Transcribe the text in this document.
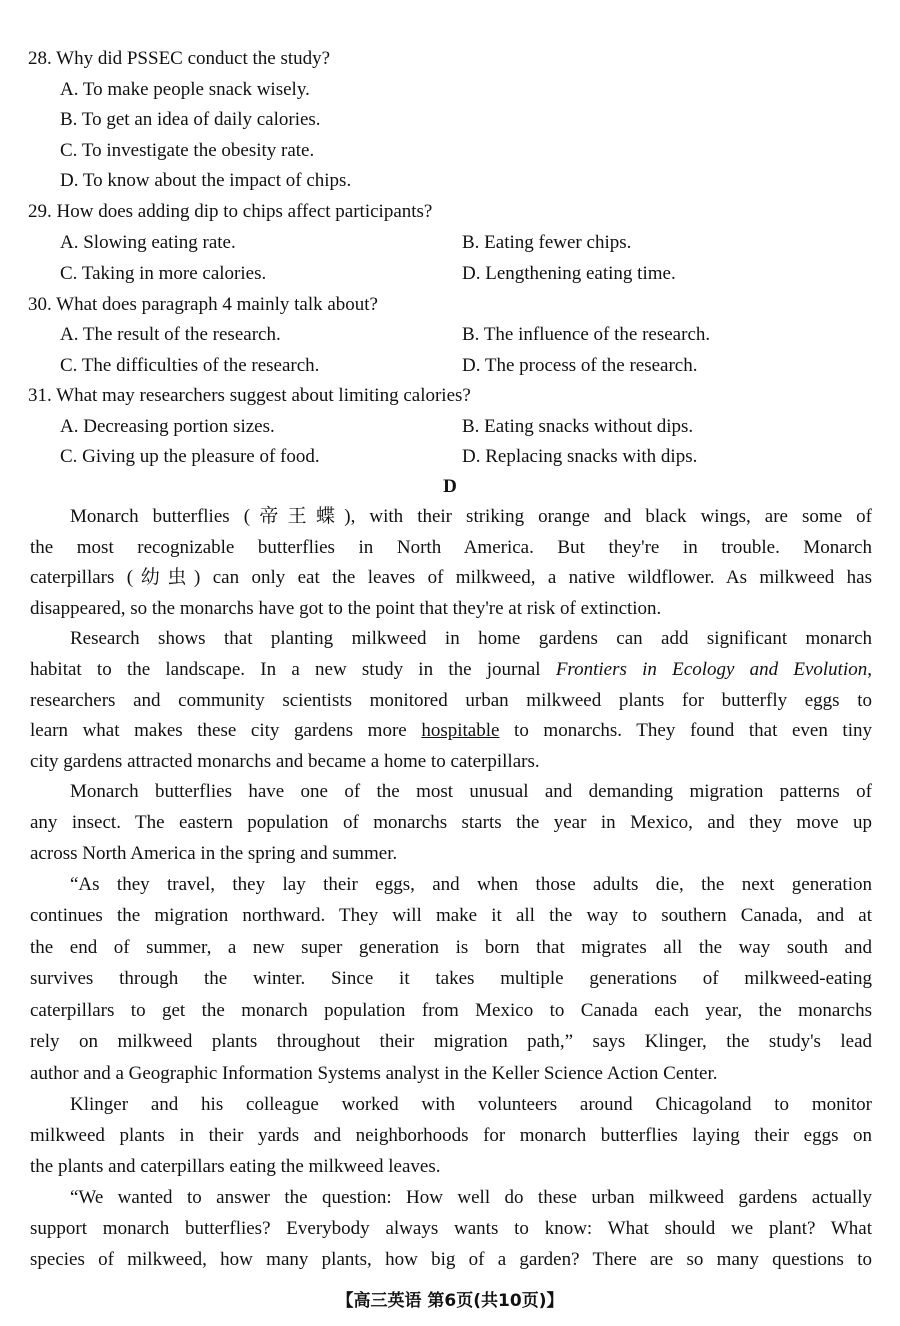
28. Why did PSSEC conduct the study?
A. To make people snack wisely.
B. To get an idea of daily calories.
C. To investigate the obesity rate.
D. To know about the impact of chips.
29. How does adding dip to chips affect participants?
A. Slowing eating rate.	B. Eating fewer chips.
C. Taking in more calories.	D. Lengthening eating time.
30. What does paragraph 4 mainly talk about?
A. The result of the research.	B. The influence of the research.
C. The difficulties of the research.	D. The process of the research.
31. What may researchers suggest about limiting calories?
A. Decreasing portion sizes.	B. Eating snacks without dips.
C. Giving up the pleasure of food.	D. Replacing snacks with dips.
D
Monarch butterflies (帝王蝶), with their striking orange and black wings, are some of
the most recognizable butterflies in North America. But they're in trouble. Monarch
caterpillars (幼虫) can only eat the leaves of milkweed, a native wildflower. As milkweed has
disappeared, so the monarchs have got to the point that they're at risk of extinction.
Research shows that planting milkweed in home gardens can add significant monarch
habitat to the landscape. In a new study in the journal Frontiers in Ecology and Evolution,
researchers and community scientists monitored urban milkweed plants for butterfly eggs to
learn what makes these city gardens more hospitable to monarchs. They found that even tiny
city gardens attracted monarchs and became a home to caterpillars.
Monarch butterflies have one of the most unusual and demanding migration patterns of
any insect. The eastern population of monarchs starts the year in Mexico, and they move up
across North America in the spring and summer.
“As they travel, they lay their eggs, and when those adults die, the next generation
continues the migration northward. They will make it all the way to southern Canada, and at
the end of summer, a new super generation is born that migrates all the way south and
survives through the winter. Since it takes multiple generations of milkweed-eating
caterpillars to get the monarch population from Mexico to Canada each year, the monarchs
rely on milkweed plants throughout their migration path,” says Klinger, the study's lead
author and a Geographic Information Systems analyst in the Keller Science Action Center.
Klinger and his colleague worked with volunteers around Chicagoland to monitor
milkweed plants in their yards and neighborhoods for monarch butterflies laying their eggs on
the plants and caterpillars eating the milkweed leaves.
“We wanted to answer the question: How well do these urban milkweed gardens actually
support monarch butterflies? Everybody always wants to know: What should we plant? What
species of milkweed, how many plants, how big of a garden? There are so many questions to
【高三英语 第6页(共10页)】
